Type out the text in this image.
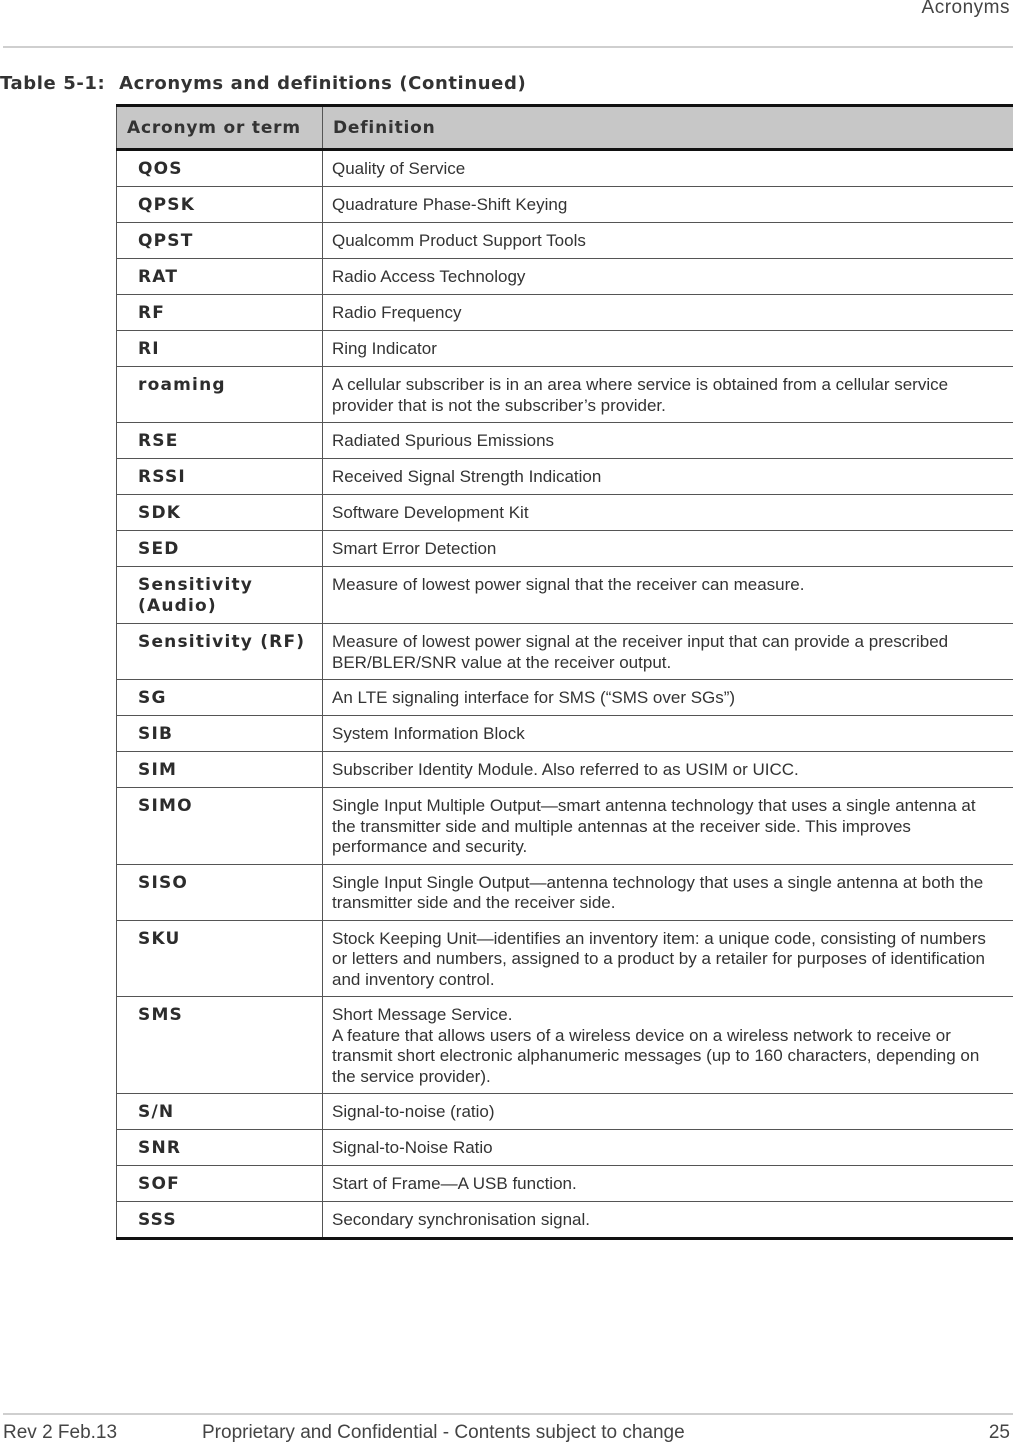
Acronyms
Table 5-1:  Acronyms and definitions (Continued)
Acronym or term	Definition
QOS	Quality of Service
QPSK	Quadrature Phase-Shift Keying
QPST	Qualcomm Product Support Tools
RAT	Radio Access Technology
RF	Radio Frequency
RI	Ring Indicator
roaming	A cellular subscriber is in an area where service is obtained from a cellular service provider that is not the subscriber’s provider.
RSE	Radiated Spurious Emissions
RSSI	Received Signal Strength Indication
SDK	Software Development Kit
SED	Smart Error Detection
Sensitivity (Audio)	Measure of lowest power signal that the receiver can measure.
Sensitivity (RF)	Measure of lowest power signal at the receiver input that can provide a prescribed BER/BLER/SNR value at the receiver output.
SG	An LTE signaling interface for SMS (“SMS over SGs”)
SIB	System Information Block
SIM	Subscriber Identity Module. Also referred to as USIM or UICC.
SIMO	Single Input Multiple Output—smart antenna technology that uses a single antenna at the transmitter side and multiple antennas at the receiver side. This improves performance and security.
SISO	Single Input Single Output—antenna technology that uses a single antenna at both the transmitter side and the receiver side.
SKU	Stock Keeping Unit—identifies an inventory item: a unique code, consisting of numbers or letters and numbers, assigned to a product by a retailer for purposes of identification and inventory control.
SMS	Short Message Service.
A feature that allows users of a wireless device on a wireless network to receive or transmit short electronic alphanumeric messages (up to 160 characters, depending on the service provider).
S/N	Signal-to-noise (ratio)
SNR	Signal-to-Noise Ratio
SOF	Start of Frame—A USB function.
SSS	Secondary synchronisation signal.
Rev 2 Feb.13	Proprietary and Confidential - Contents subject to change	25
